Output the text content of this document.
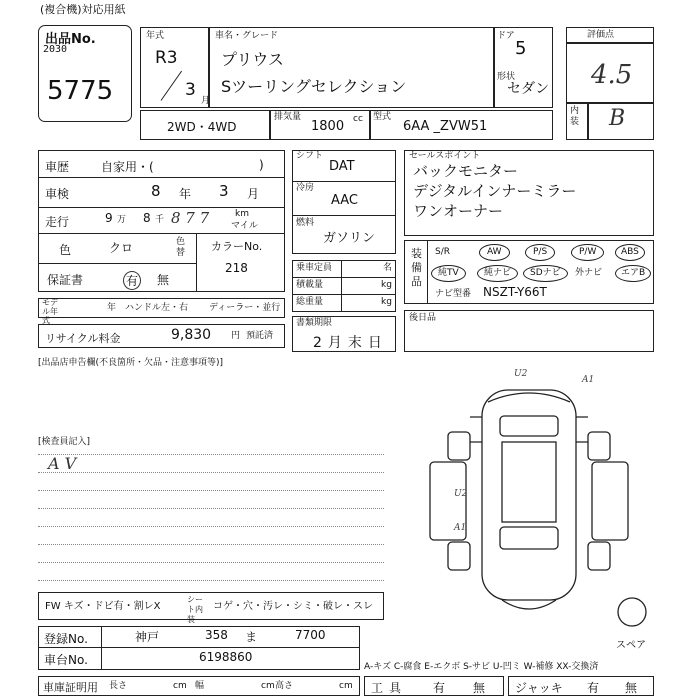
(複合機)対応用紙
出品No.
2030
5775
年式
R3
3
月
車名・グレード
プリウス
Sツーリングセレクション
ドア
5
形状
セダン
評価点
4.5
内装 B
2WD・4WD
排気量
1800 cc 型式
6AA _ZVW51
車歴	自家用・(	)
車検	8 年 3 月
走行	9 万 8 千 8 7 7	km
マイル
色	クロ	色替 カラーNo.
218
保証書	有 無
モデル年式
年 ハンドル 左・右 ディーラー・並行
リサイクル料金	9,830 円 預託済
シフト
DAT
冷房
AAC
燃料
ガソリン
乗車定員	名
積載量	kg
総重量	kg
書類期限
2月末日
セールスポイント
バックモニター
デジタルインナーミラー
ワンオーナー
装備品
S/R	AW	P/S	P/W	ABS
純TV	純ナビ	SDナビ	外ナビ	エアB
ナビ型番 NSZT-Y66T
後日品
[出品店申告欄(不良箇所・欠品・注意事項等)]
[検査員記入]
A V
U2
A1
U2
A1
FW キズ・ドビ有・割レX
シート内装
コゲ・穴・汚レ・シミ・破レ・スレ
登録No.	神戸	358 ま	7700
車台No.	6198860
車庫証明用 長さ	cm 幅	cm 高さ	cm
スペア
A-キズ C-腐食 E-エクボ S-サビ U-凹ミ W-補修 XX-交換済
工具 有 無 ジャッキ 有 無
